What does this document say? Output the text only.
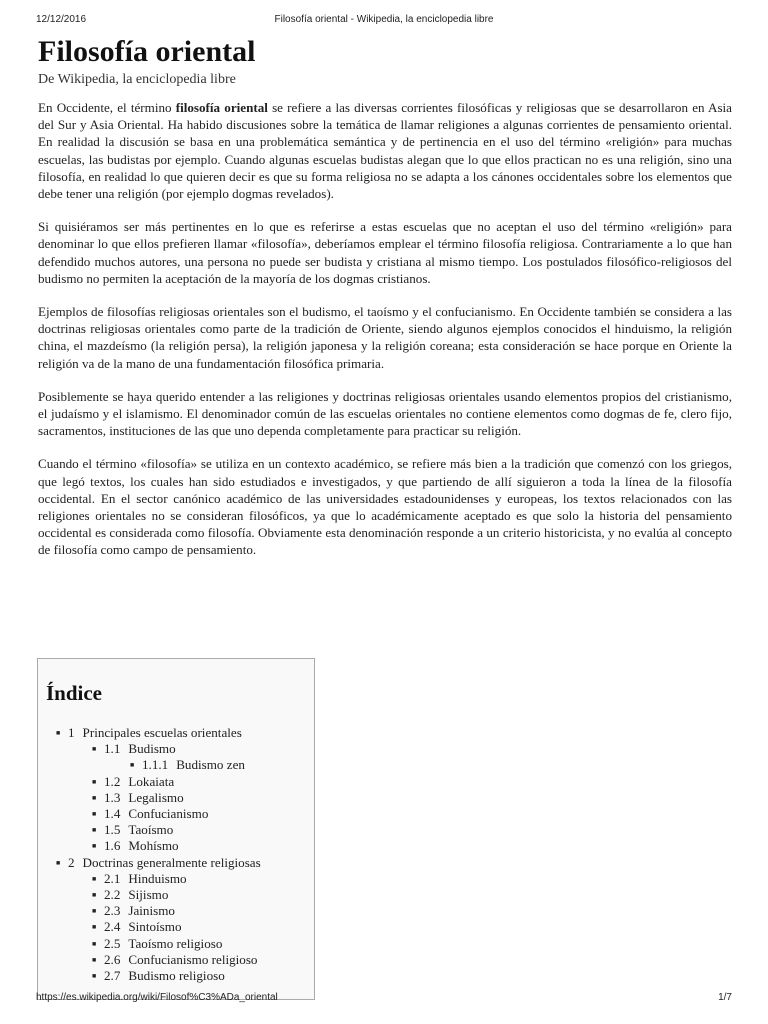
12/12/2016	Filosofía oriental - Wikipedia, la enciclopedia libre
Filosofía oriental
De Wikipedia, la enciclopedia libre

En Occidente, el término filosofía oriental se refiere a las diversas corrientes filosóficas y religiosas que se desarrollaron en Asia del Sur y Asia Oriental. Ha habido discusiones sobre la temática de llamar religiones a algunas corrientes de pensamiento oriental. En realidad la discusión se basa en una problemática semántica y de pertinencia en el uso del término «religión» para muchas escuelas, las budistas por ejemplo. Cuando algunas escuelas budistas alegan que lo que ellos practican no es una religión, sino una filosofía, en realidad lo que quieren decir es que su forma religiosa no se adapta a los cánones occidentales sobre los elementos que debe tener una religión (por ejemplo dogmas revelados).

Si quisiéramos ser más pertinentes en lo que es referirse a estas escuelas que no aceptan el uso del término «religión» para denominar lo que ellos prefieren llamar «filosofía», deberíamos emplear el término filosofía religiosa. Contrariamente a lo que han defendido muchos autores, una persona no puede ser budista y cristiana al mismo tiempo. Los postulados filosófico-religiosos del budismo no permiten la aceptación de la mayoría de los dogmas cristianos.

Ejemplos de filosofías religiosas orientales son el budismo, el taoísmo y el confucianismo. En Occidente también se considera a las doctrinas religiosas orientales como parte de la tradición de Oriente, siendo algunos ejemplos conocidos el hinduismo, la religión china, el mazdeísmo (la religión persa), la religión japonesa y la religión coreana; esta consideración se hace porque en Oriente la religión va de la mano de una fundamentación filosófica primaria.

Posiblemente se haya querido entender a las religiones y doctrinas religiosas orientales usando elementos propios del cristianismo, el judaísmo y el islamismo. El denominador común de las escuelas orientales no contiene elementos como dogmas de fe, clero fijo, sacramentos, instituciones de las que uno dependa completamente para practicar su religión.

Cuando el término «filosofía» se utiliza en un contexto académico, se refiere más bien a la tradición que comenzó con los griegos, que legó textos, los cuales han sido estudiados e investigados, y que partiendo de allí siguieron a toda la línea de la filosofía occidental. En el sector canónico académico de las universidades estadounidenses y europeas, los textos relacionados con las religiones orientales no se consideran filosóficos, ya que lo académicamente aceptado es que solo la historia del pensamiento occidental es considerada como filosofía. Obviamente esta denominación responde a un criterio historicista, y no evalúa al concepto de filosofía como campo de pensamiento.

Índice
■ 1 Principales escuelas orientales
■ 1.1 Budismo
■ 1.1.1 Budismo zen
■ 1.2 Lokaiata
■ 1.3 Legalismo
■ 1.4 Confucianismo
■ 1.5 Taoísmo
■ 1.6 Mohísmo
■ 2 Doctrinas generalmente religiosas
■ 2.1 Hinduismo
■ 2.2 Sijismo
■ 2.3 Jainismo
■ 2.4 Sintoísmo
■ 2.5 Taoísmo religioso
■ 2.6 Confucianismo religioso
■ 2.7 Budismo religioso
https://es.wikipedia.org/wiki/Filosof%C3%ADa_oriental	1/7
